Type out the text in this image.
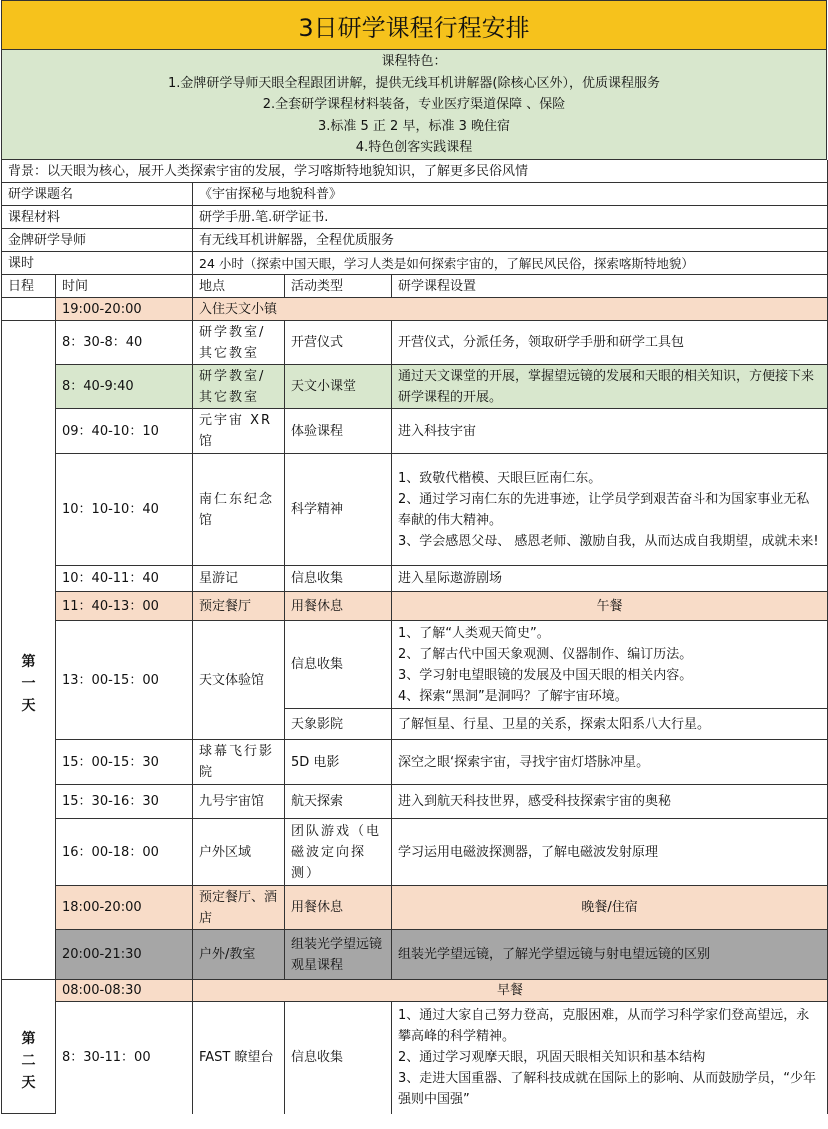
3日研学课程行程安排
课程特色：
1.金牌研学导师天眼全程跟团讲解，提供无线耳机讲解器(除核心区外），优质课程服务
2.全套研学课程材料装备，专业医疗渠道保障 、保险
3.标准 5 正 2 早，标准 3 晚住宿
4.特色创客实践课程
背景：以天眼为核心，展开人类探索宇宙的发展，学习喀斯特地貌知识，了解更多民俗风情				
研学课题名		《宇宙探秘与地貌科普》		
课程材料		研学手册.笔.研学证书.		
金牌研学导师		有无线耳机讲解器，全程优质服务		
课时		24 小时（探索中国天眼，学习人类是如何探索宇宙的，了解民风民俗，探索喀斯特地貌）		
日程	时间	地点	活动类型	研学课程设置
	19:00-20:00	入住天文小镇		
第
一
天	8：30-8：40	研学教室/其它教室	开营仪式	开营仪式，分派任务，领取研学手册和研学工具包
	8：40-9:40	研学教室/其它教室	天文小课堂	通过天文课堂的开展，掌握望远镜的发展和天眼的相关知识，方便接下来研学课程的开展。
	09：40-10：10	元宇宙 XR 馆	体验课程	进入科技宇宙
	10：10-10：40	南仁东纪念馆	科学精神	1、致敬代楷模、天眼巨匠南仁东。
2、通过学习南仁东的先进事迹，让学员学到艰苦奋斗和为国家事业无私奉献的伟大精神。
3、学会感恩父母、 感恩老师、激励自我，从而达成自我期望，成就未来!
	10：40-11：40	星游记	信息收集	进入星际遨游剧场
	11：40-13：00	预定餐厅	用餐休息	午餐
	13：00-15：00	天文体验馆	信息收集	1、了解“人类观天简史”。
2、了解古代中国天象观测、仪器制作、编订历法。
3、学习射电望眼镜的发展及中国天眼的相关内容。
4、探索“黑洞”是洞吗？了解宇宙环境。
			天象影院	了解恒星、行星、卫星的关系，探索太阳系八大行星。
	15：00-15：30	球幕飞行影院	5D 电影	深空之眼‘探索宇宙，寻找宇宙灯塔脉冲星。
	15：30-16：30	九号宇宙馆	航天探索	进入到航天科技世界，感受科技探索宇宙的奥秘
	16：00-18：00	户外区域	团队游戏（电磁波定向探测）	学习运用电磁波探测器，了解电磁波发射原理
	18:00-20:00	预定餐厅、酒店	用餐休息	晚餐/住宿
	20:00-21:30	户外/教室	组装光学望远镜观星课程	组装光学望远镜，了解光学望远镜与射电望远镜的区别
第
二
天	08:00-08:30	早餐		
	8：30-11：00	FAST 瞭望台	信息收集	1、通过大家自己努力登高，克服困难，从而学习科学家们登高望远，永攀高峰的科学精神。
2、通过学习观摩天眼，巩固天眼相关知识和基本结构
3、走进大国重器、了解科技成就在国际上的影响、从而鼓励学员，“少年强则中国强”
